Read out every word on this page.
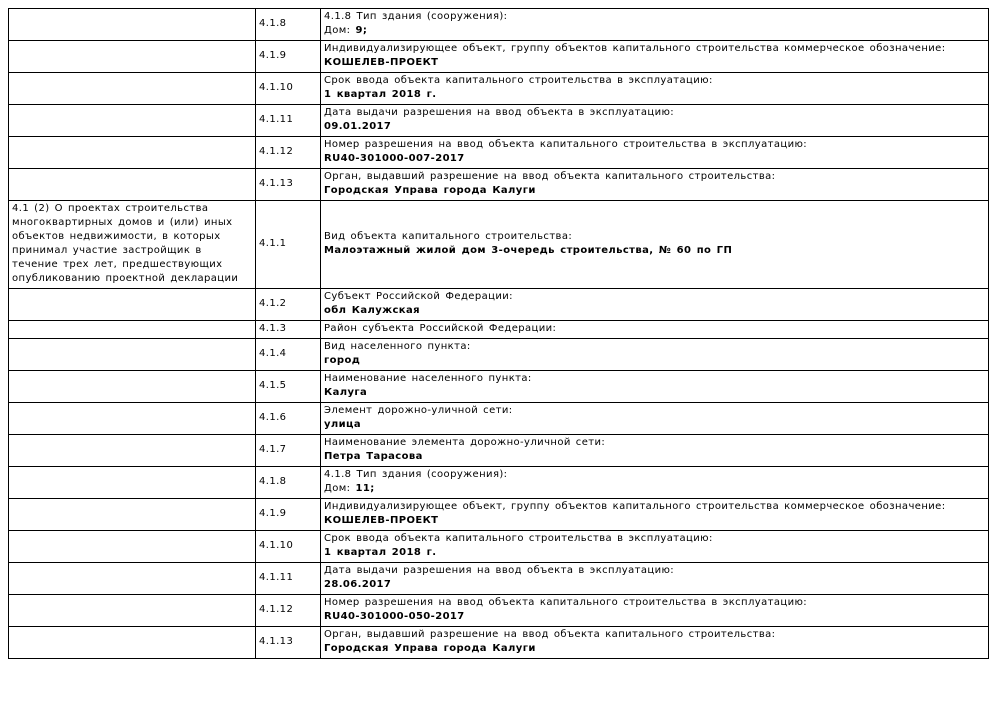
	4.1.8	4.1.8 Тип здания (сооружения):
Дом: 9;

	4.1.9	Индивидуализирующее объект, группу объектов капитального строительства коммерческое обозначение:
КОШЕЛЕВ-ПРОЕКТ

	4.1.10	Срок ввода объекта капитального строительства в эксплуатацию:
1 квартал 2018 г.

	4.1.11	Дата выдачи разрешения на ввод объекта в эксплуатацию:
09.01.2017

	4.1.12	Номер разрешения на ввод объекта капитального строительства в эксплуатацию:
RU40-301000-007-2017

	4.1.13	Орган, выдавший разрешение на ввод объекта капитального строительства:
Городская Управа города Калуги

4.1 (2) О проектах строительства многоквартирных домов и (или) иных объектов недвижимости, в которых принимал участие застройщик в течение трех лет, предшествующих опубликованию проектной декларации	4.1.1	Вид объекта капитального строительства:
Малоэтажный жилой дом 3-очередь строительства, № 60 по ГП

	4.1.2	Субъект Российской Федерации:
обл Калужская

	4.1.3	Район субъекта Российской Федерации:

	4.1.4	Вид населенного пункта:
город

	4.1.5	Наименование населенного пункта:
Калуга

	4.1.6	Элемент дорожно-уличной сети:
улица

	4.1.7	Наименование элемента дорожно-уличной сети:
Петра Тарасова

	4.1.8	4.1.8 Тип здания (сооружения):
Дом: 11;

	4.1.9	Индивидуализирующее объект, группу объектов капитального строительства коммерческое обозначение:
КОШЕЛЕВ-ПРОЕКТ

	4.1.10	Срок ввода объекта капитального строительства в эксплуатацию:
1 квартал 2018 г.

	4.1.11	Дата выдачи разрешения на ввод объекта в эксплуатацию:
28.06.2017

	4.1.12	Номер разрешения на ввод объекта капитального строительства в эксплуатацию:
RU40-301000-050-2017

	4.1.13	Орган, выдавший разрешение на ввод объекта капитального строительства:
Городская Управа города Калуги
